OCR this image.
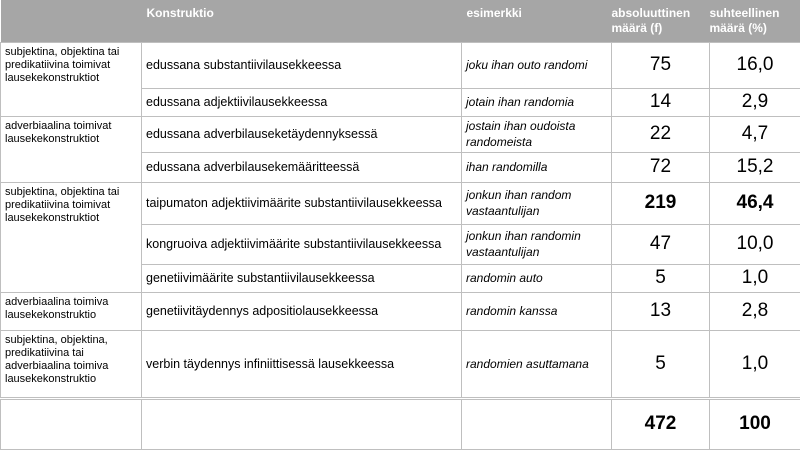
	Konstruktio	esimerkki	absoluuttinen määrä (f)	suhteellinen määrä (%)
subjektina, objektina tai predikatiivina toimivat lausekekonstruktiot	edussana substantiivilausekkeessa	joku ihan outo randomi	75	16,0
	edussana adjektiivilausekkeessa	jotain ihan randomia	14	2,9
adverbiaalina toimivat lausekekonstruktiot	edussana adverbilauseketäydennyksessä	jostain ihan oudoista randomeista	22	4,7
	edussana adverbilausekemääritteessä	ihan randomilla	72	15,2
subjektina, objektina tai predikatiivina toimivat lausekekonstruktiot	taipumaton adjektiivimäärite substantiivilausekkeessa	jonkun ihan random vastaantulijan	219	46,4
	kongruoiva adjektiivimäärite substantiivilausekkeessa	jonkun ihan randomin vastaantulijan	47	10,0
	genetiivimäärite substantiivilausekkeessa	randomin auto	5	1,0
adverbiaalina toimiva lausekekonstruktio	genetiivitäydennys adpositiolausekkeessa	randomin kanssa	13	2,8
subjektina, objektina, predikatiivina tai adverbiaalina toimiva lausekekonstruktio	verbin täydennys infiniittisessä lausekkeessa	randomien asuttamana	5	1,0
			472	100
